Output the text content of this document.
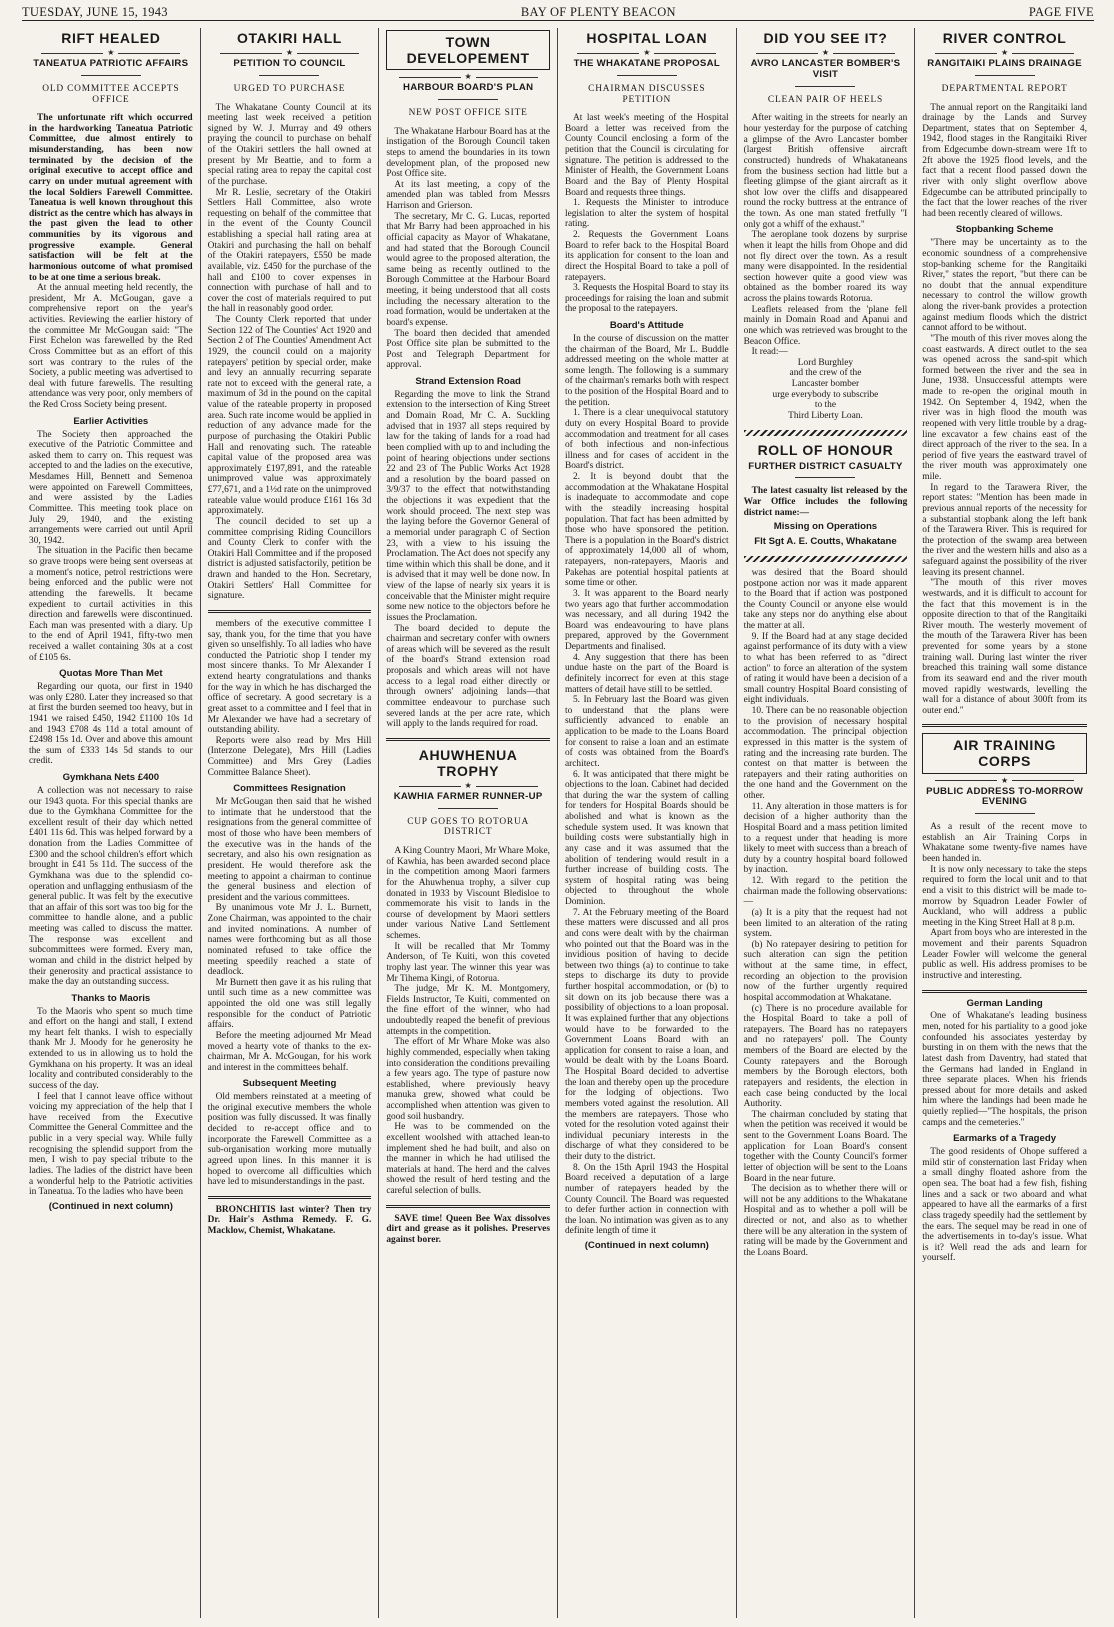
TUESDAY, JUNE 15, 1943	BAY OF PLENTY BEACON	PAGE FIVE
RIFT HEALED
★
TANEATUA PATRIOTIC AFFAIRS
OLD COMMITTEE ACCEPTS OFFICE

The unfortunate rift which occurred in the hardworking Taneatua Patriotic Committee, due almost entirely to misunderstanding, has been now terminated by the decision of the original executive to accept office and carry on under mutual agreement with the local Soldiers Farewell Committee. Taneatua is well known throughout this district as the centre which has always in the past given the lead to other communities by its vigorous and progressive example. General satisfaction will be felt at the harmonious outcome of what promised to be at one time a serious break.

At the annual meeting held recently, the president, Mr A. McGougan, gave a comprehensive report on the year's activities. Reviewing the earlier history of the committee Mr McGougan said: "The First Echelon was farewelled by the Red Cross Committee but as an effort of this sort was contrary to the rules of the Society, a public meeting was advertised to deal with future farewells. The resulting attendance was very poor, only members of the Red Cross Society being present.

Earlier Activities

The Society then approached the executive of the Patriotic Committee and asked them to carry on. This request was accepted to and the ladies on the executive, Mesdames Hill, Bennett and Semenoa were appointed on Farewell Committees, and were assisted by the Ladies Committee. This meeting took place on July 29, 1940, and the existing arrangements were carried out until April 30, 1942.

The situation in the Pacific then became so grave troops were being sent overseas at a moment's notice, petrol restrictions were being enforced and the public were not attending the farewells. It became expedient to curtail activities in this direction and farewells were discontinued. Each man was presented with a diary. Up to the end of April 1941, fifty-two men received a wallet containing 30s at a cost of £105 6s.

Quotas More Than Met

Regarding our quota, our first in 1940 was only £280. Later they increased so that at first the burden seemed too heavy, but in 1941 we raised £450, 1942 £1100 10s 1d and 1943 £708 4s 11d a total amount of £2498 15s 1d. Over and above this amount the sum of £333 14s 5d stands to our credit.

Gymkhana Nets £400

A collection was not necessary to raise our 1943 quota. For this special thanks are due to the Gymkhana Committee for the excellent result of their day which netted £401 11s 6d. This was helped forward by a donation from the Ladies Committee of £300 and the school children's effort which brought in £41 5s 11d. The success of the Gymkhana was due to the splendid co-operation and unflagging enthusiasm of the general public. It was felt by the executive that an affair of this sort was too big for the committee to handle alone, and a public meeting was called to discuss the matter. The response was excellent and subcommittees were formed. Every man, woman and child in the district helped by their generosity and practical assistance to make the day an outstanding success.

Thanks to Maoris

To the Maoris who spent so much time and effort on the hangi and stall, I extend my heart felt thanks. I wish to especially thank Mr J. Moody for he generosity he extended to us in allowing us to hold the Gymkhana on his property. It was an ideal locality and contributed considerably to the success of the day.

I feel that I cannot leave office without voicing my appreciation of the help that I have received from the Executive Committee the General Committee and the public in a very special way. While fully recognising the splendid support from the men, I wish to pay special tribute to the ladies. The ladies of the district have been a wonderful help to the Patriotic activities in Taneatua. To the ladies who have been

(Continued in next column)
OTAKIRI HALL
★
PETITION TO COUNCIL
URGED TO PURCHASE

The Whakatane County Council at its meeting last week received a petition signed by W. J. Murray and 49 others praying the council to purchase on behalf of the Otakiri settlers the hall owned at present by Mr Beattie, and to form a special rating area to repay the capital cost of the purchase.

Mr R. Leslie, secretary of the Otakiri Settlers Hall Committee, also wrote requesting on behalf of the committee that in the event of the County Council establishing a special hall rating area at Otakiri and purchasing the hall on behalf of the Otakiri ratepayers, £550 be made available, viz. £450 for the purchase of the hall and £100 to cover expenses in connection with purchase of hall and to cover the cost of materials required to put the hall in reasonably good order.

The County Clerk reported that under Section 122 of The Counties' Act 1920 and Section 2 of The Counties' Amendment Act 1929, the council could on a majority ratepayers' petition by special order, make and levy an annually recurring separate rate not to exceed with the general rate, a maximum of 3d in the pound on the capital value of the rateable property in proposed area. Such rate income would be applied in reduction of any advance made for the purpose of purchasing the Otakiri Public Hall and renovating such. The rateable capital value of the proposed area was approximately £197,891, and the rateable unimproved value was approximately £77,671, and a 1½d rate on the unimproved rateable value would produce £161 16s 3d approximately.

The council decided to set up a committee comprising Riding Councillors and County Clerk to confer with the Otakiri Hall Committee and if the proposed district is adjusted satisfactorily, petition be drawn and handed to the Hon. Secretary, Otakiri Settlers' Hall Committee for signature.

members of the executive committee I say, thank you, for the time that you have given so unselfishly. To all ladies who have conducted the Patriotic shop I tender my most sincere thanks. To Mr Alexander I extend hearty congratulations and thanks for the way in which he has discharged the office of secretary. A good secretary is a great asset to a committee and I feel that in Mr Alexander we have had a secretary of outstanding ability.

Reports were also read by Mrs Hill (Interzone Delegate), Mrs Hill (Ladies Committee) and Mrs Grey (Ladies Committee Balance Sheet).

Committees Resignation

Mr McGougan then said that he wished to intimate that he understood that the resignations from the general committee of most of those who have been members of the executive was in the hands of the secretary, and also his own resignation as president. He would therefore ask the meeting to appoint a chairman to continue the general business and election of president and the various committees.

By unanimous vote Mr J. L. Burnett, Zone Chairman, was appointed to the chair and invited nominations. A number of names were forthcoming but as all those nominated refused to take office the meeting speedily reached a state of deadlock.

Mr Burnett then gave it as his ruling that until such time as a new committee was appointed the old one was still legally responsible for the conduct of Patriotic affairs.

Before the meeting adjourned Mr Mead moved a hearty vote of thanks to the ex-chairman, Mr A. McGougan, for his work and interest in the committees behalf.

Subsequent Meeting

Old members reinstated at a meeting of the original executive members the whole position was fully discussed. It was finally decided to re-accept office and to incorporate the Farewell Committee as a sub-organisation working more mutually agreed upon lines. In this manner it is hoped to overcome all difficulties which have led to misunderstandings in the past.

BRONCHITIS last winter? Then try Dr. Hair's Asthma Remedy. F. G. Macklow, Chemist, Whakatane.

TOWN DEVELOPEMENT
★
HARBOUR BOARD'S PLAN
NEW POST OFFICE SITE

The Whakatane Harbour Board has at the instigation of the Borough Council taken steps to amend the boundaries in its town development plan, of the proposed new Post Office site.

At its last meeting, a copy of the amended plan was tabled from Messrs Harrison and Grierson.

The secretary, Mr C. G. Lucas, reported that Mr Barry had been approached in his official capacity as Mayor of Whakatane, and had stated that the Borough Council would agree to the proposed alteration, the same being as recently outlined to the Borough Committee at the Harbour Board meeting, it being understood that all costs including the necessary alteration to the road formation, would be undertaken at the board's expense.

The board then decided that amended Post Office site plan be submitted to the Post and Telegraph Department for approval.

Strand Extension Road

Regarding the move to link the Strand extension to the intersection of King Street and Domain Road, Mr C. A. Suckling advised that in 1937 all steps required by law for the taking of lands for a road had been complied with up to and including the point of hearing objections under sections 22 and 23 of The Public Works Act 1928 and a resolution by the board passed on 3/9/37 to the effect that notwithstanding the objections it was expedient that the work should proceed. The next step was the laying before the Governor General of a memorial under paragraph C of Section 23, with a view to his issuing the Proclamation. The Act does not specify any time within which this shall be done, and it is advised that it may well be done now. In view of the lapse of nearly six years it is conceivable that the Minister might require some new notice to the objectors before he issues the Proclamation.

The board decided to depute the chairman and secretary confer with owners of areas which will be severed as the result of the board's Strand extension road proposals and which areas will not have access to a legal road either directly or through owners' adjoining lands—that committee endeavour to purchase such severed lands at the per acre rate, which will apply to the lands required for road.

AHUWHENUA TROPHY
★
KAWHIA FARMER RUNNER-UP
CUP GOES TO ROTORUA DISTRICT

A King Country Maori, Mr Whare Moke, of Kawhia, has been awarded second place in the competition among Maori farmers for the Ahuwhenua trophy, a silver cup donated in 1933 by Viscount Bledisloe to commemorate his visit to lands in the course of development by Maori settlers under various Native Land Settlement schemes.

It will be recalled that Mr Tommy Anderson, of Te Kuiti, won this coveted trophy last year. The winner this year was Mr Tihema Kingi, of Rotorua.

The judge, Mr K. M. Montgomery, Fields Instructor, Te Kuiti, commented on the fine effort of the winner, who had undoubtedly reaped the benefit of previous attempts in the competition.

The effort of Mr Whare Moke was also highly commended, especially when taking into consideration the conditions prevailing a few years ago. The type of pasture now established, where previously heavy manuka grew, showed what could be accomplished when attention was given to good soil husbandry.

He was to be commended on the excellent woolshed with attached lean-to implement shed he had built, and also on the manner in which he had utilised the materials at hand. The herd and the calves showed the result of herd testing and the careful selection of bulls.

SAVE time! Queen Bee Wax dissolves dirt and grease as it polishes. Preserves against borer.

HOSPITAL LOAN
★
THE WHAKATANE PROPOSAL
CHAIRMAN DISCUSSES PETITION

At last week's meeting of the Hospital Board a letter was received from the County Council enclosing a form of the petition that the Council is circulating for signature. The petition is addressed to the Minister of Health, the Government Loans Board and the Bay of Plenty Hospital Board and requests three things.

1. Requests the Minister to introduce legislation to alter the system of hospital rating.

2. Requests the Government Loans Board to refer back to the Hospital Board its application for consent to the loan and direct the Hospital Board to take a poll of ratepayers.

3. Requests the Hospital Board to stay its proceedings for raising the loan and submit the proposal to the ratepayers.

Board's Attitude

In the course of discussion on the matter the chairman of the Board, Mr L. Buddle addressed meeting on the whole matter at some length. The following is a summary of the chairman's remarks both with respect to the position of the Hospital Board and to the petition.

1. There is a clear unequivocal statutory duty on every Hospital Board to provide accommodation and treatment for all cases of both infectious and non-infectious illness and for cases of accident in the Board's district.

2. It is beyond doubt that the accommodation at the Whakatane Hospital is inadequate to accommodate and cope with the steadily increasing hospital population. That fact has been admitted by those who have sponsored the petition. There is a population in the Board's district of approximately 14,000 all of whom, ratepayers, non-ratepayers, Maoris and Pakehas are potential hospital patients at some time or other.

3. It was apparent to the Board nearly two years ago that further accommodation was necessary, and all during 1942 the Board was endeavouring to have plans prepared, approved by the Government Departments and finalised.

4. Any suggestion that there has been undue haste on the part of the Board is definitely incorrect for even at this stage matters of detail have still to be settled.

5. In February last the Board was given to understand that the plans were sufficiently advanced to enable an application to be made to the Loans Board for consent to raise a loan and an estimate of costs was obtained from the Board's architect.

6. It was anticipated that there might be objections to the loan. Cabinet had decided that during the war the system of calling for tenders for Hospital Boards should be abolished and what is known as the schedule system used. It was known that building costs were substantially high in any case and it was assumed that the abolition of tendering would result in a further increase of building costs. The system of hospital rating was being objected to throughout the whole Dominion.

7. At the February meeting of the Board these matters were discussed and all pros and cons were dealt with by the chairman who pointed out that the Board was in the invidious position of having to decide between two things (a) to continue to take steps to discharge its duty to provide further hospital accommodation, or (b) to sit down on its job because there was a possibility of objections to a loan proposal. It was explained further that any objections would have to be forwarded to the Government Loans Board with an application for consent to raise a loan, and would be dealt with by the Loans Board. The Hospital Board decided to advertise the loan and thereby open up the procedure for the lodging of objections. Two members voted against the resolution. All the members are ratepayers. Those who voted for the resolution voted against their individual pecuniary interests in the discharge of what they considered to be their duty to the district.

8. On the 15th April 1943 the Hospital Board received a deputation of a large number of ratepayers headed by the County Council. The Board was requested to defer further action in connection with the loan. No intimation was given as to any definite length of time it

(Continued in next column)
DID YOU SEE IT?
★
AVRO LANCASTER BOMBER'S VISIT
CLEAN PAIR OF HEELS

After waiting in the streets for nearly an hour yesterday for the purpose of catching a glimpse of the Avro Lancaster bomber (largest British offensive aircraft constructed) hundreds of Whakataneans from the business section had little but a fleeting glimpse of the giant aircraft as it shot low over the cliffs and disappeared round the rocky buttress at the entrance of the town. As one man stated fretfully "I only got a whiff of the exhaust."

The aeroplane took dozens by surprise when it leapt the hills from Ohope and did not fly direct over the town. As a result many were disappointed. In the residential section however quite a good view was obtained as the bomber roared its way across the plains towards Rotorua.

Leaflets released from the 'plane fell mainly in Domain Road and Apanui and one which was retrieved was brought to the Beacon Office.

It read:—

Lord Burghley

and the crew of the

Lancaster bomber

urge everybody to subscribe

to the

Third Liberty Loan.

ROLL OF HONOUR
FURTHER DISTRICT CASUALTY

The latest casualty list released by the War Office includes the following district name:—

Missing on Operations
Flt Sgt A. E. Coutts, Whakatane

was desired that the Board should postpone action nor was it made apparent to the Board that if action was postponed the County Council or anyone else would take any steps nor do anything else about the matter at all.

9. If the Board had at any stage decided against performance of its duty with a view to what has been referred to as "direct action" to force an alteration of the system of rating it would have been a decision of a small country Hospital Board consisting of eight individuals.

10. There can be no reasonable objection to the provision of necessary hospital accommodation. The principal objection expressed in this matter is the system of rating and the increasing rate burden. The contest on that matter is between the ratepayers and their rating authorities on the one hand and the Government on the other.

11. Any alteration in those matters is for decision of a higher authority than the Hospital Board and a mass petition limited to a request under that heading is more likely to meet with success than a breach of duty by a country hospital board followed by inaction.

12. With regard to the petition the chairman made the following observations:—

(a) It is a pity that the request had not been limited to an alteration of the rating system.

(b) No ratepayer desiring to petition for such alteration can sign the petition without at the same time, in effect, recording an objection to the provision now of the further urgently required hospital accommodation at Whakatane.

(c) There is no procedure available for the Hospital Board to take a poll of ratepayers. The Board has no ratepayers and no ratepayers' poll. The County members of the Board are elected by the County ratepayers and the Borough members by the Borough electors, both ratepayers and residents, the election in each case being conducted by the local Authority.

The chairman concluded by stating that when the petition was received it would be sent to the Government Loans Board. The application for Loan Board's consent together with the County Council's former letter of objection will be sent to the Loans Board in the near future.

The decision as to whether there will or will not be any additions to the Whakatane Hospital and as to whether a poll will be directed or not, and also as to whether there will be any alteration in the system of rating will be made by the Government and the Loans Board.

RIVER CONTROL
★
RANGITAIKI PLAINS DRAINAGE
DEPARTMENTAL REPORT

The annual report on the Rangitaiki land drainage by the Lands and Survey Department, states that on September 4, 1942, flood stages in the Rangitaiki River from Edgecumbe down-stream were 1ft to 2ft above the 1925 flood levels, and the fact that a recent flood passed down the river with only slight overflow above Edgecumbe can be attributed principally to the fact that the lower reaches of the river had been recently cleared of willows.

Stopbanking Scheme

"There may be uncertainty as to the economic soundness of a comprehensive stop-banking scheme for the Rangitaiki River," states the report, "but there can be no doubt that the annual expenditure necessary to control the willow growth along the river-bank provides a protection against medium floods which the district cannot afford to be without.

"The mouth of this river moves along the coast eastwards. A direct outlet to the sea was opened across the sand-spit which formed between the river and the sea in June, 1938. Unsuccessful attempts were made to re-open the original mouth in 1942. On September 4, 1942, when the river was in high flood the mouth was reopened with very little trouble by a drag-line excavator a few chains east of the direct approach of the river to the sea. In a period of five years the eastward travel of the river mouth was approximately one mile.

In regard to the Tarawera River, the report states: "Mention has been made in previous annual reports of the necessity for a substantial stopbank along the left bank of the Tarawera River. This is required for the protection of the swamp area between the river and the western hills and also as a safeguard against the possibility of the river leaving its present channel.

"The mouth of this river moves westwards, and it is difficult to account for the fact that this movement is in the opposite direction to that of the Rangitaiki River mouth. The westerly movement of the mouth of the Tarawera River has been prevented for some years by a stone training wall. During last winter the river breached this training wall some distance from its seaward end and the river mouth moved rapidly westwards, levelling the wall for a distance of about 300ft from its outer end."

AIR TRAINING CORPS
★
PUBLIC ADDRESS TO-MORROW EVENING

As a result of the recent move to establish an Air Training Corps in Whakatane some twenty-five names have been handed in.

It is now only necessary to take the steps required to form the local unit and to that end a visit to this district will be made to-morrow by Squadron Leader Fowler of Auckland, who will address a public meeting in the King Street Hall at 8 p.m.

Apart from boys who are interested in the movement and their parents Squadron Leader Fowler will welcome the general public as well. His address promises to be instructive and interesting.

German Landing

One of Whakatane's leading business men, noted for his partiality to a good joke confounded his associates yesterday by bursting in on them with the news that the latest dash from Daventry, had stated that the Germans had landed in England in three separate places. When his friends pressed about for more details and asked him where the landings had been made he quietly replied—"The hospitals, the prison camps and the cemeteries."

Earmarks of a Tragedy

The good residents of Ohope suffered a mild stir of consternation last Friday when a small dinghy floated ashore from the open sea. The boat had a few fish, fishing lines and a sack or two aboard and what appeared to have all the earmarks of a first class tragedy speedily had the settlement by the ears. The sequel may be read in one of the advertisements in to-day's issue. What is it? Well read the ads and learn for yourself.
